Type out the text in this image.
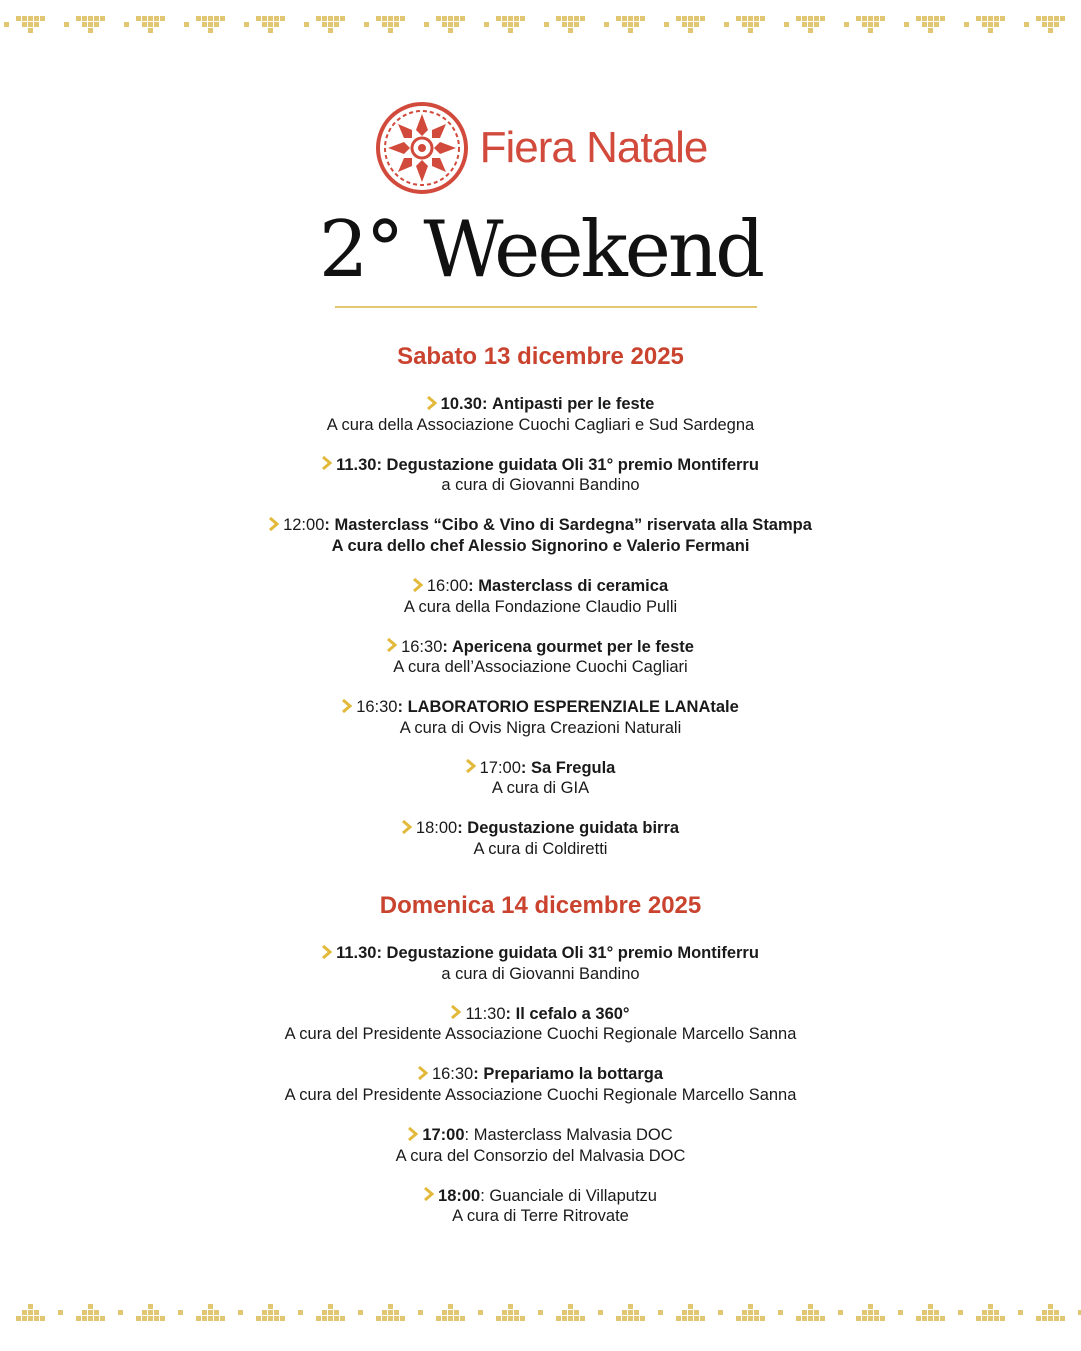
Fiera Natale
2° Weekend
Sabato 13 dicembre 2025
10.30: Antipasti per le feste
A cura della Associazione Cuochi Cagliari e Sud Sardegna
11.30: Degustazione guidata Oli 31° premio Montiferru
a cura di Giovanni Bandino
12:00: Masterclass “Cibo & Vino di Sardegna” riservata alla Stampa
A cura dello chef Alessio Signorino e Valerio Fermani
16:00: Masterclass di ceramica
A cura della Fondazione Claudio Pulli
16:30: Apericena gourmet per le feste
A cura dell’Associazione Cuochi Cagliari
16:30: LABORATORIO ESPERENZIALE LANAtale
A cura di Ovis Nigra Creazioni Naturali
17:00: Sa Fregula
A cura di GIA
18:00: Degustazione guidata birra
A cura di Coldiretti
Domenica 14 dicembre 2025
11.30: Degustazione guidata Oli 31° premio Montiferru
a cura di Giovanni Bandino
11:30: Il cefalo a 360°
A cura del Presidente Associazione Cuochi Regionale Marcello Sanna
16:30: Prepariamo la bottarga
A cura del Presidente Associazione Cuochi Regionale Marcello Sanna
17:00: Masterclass Malvasia DOC
A cura del Consorzio del Malvasia DOC
18:00: Guanciale di Villaputzu
A cura di Terre Ritrovate
